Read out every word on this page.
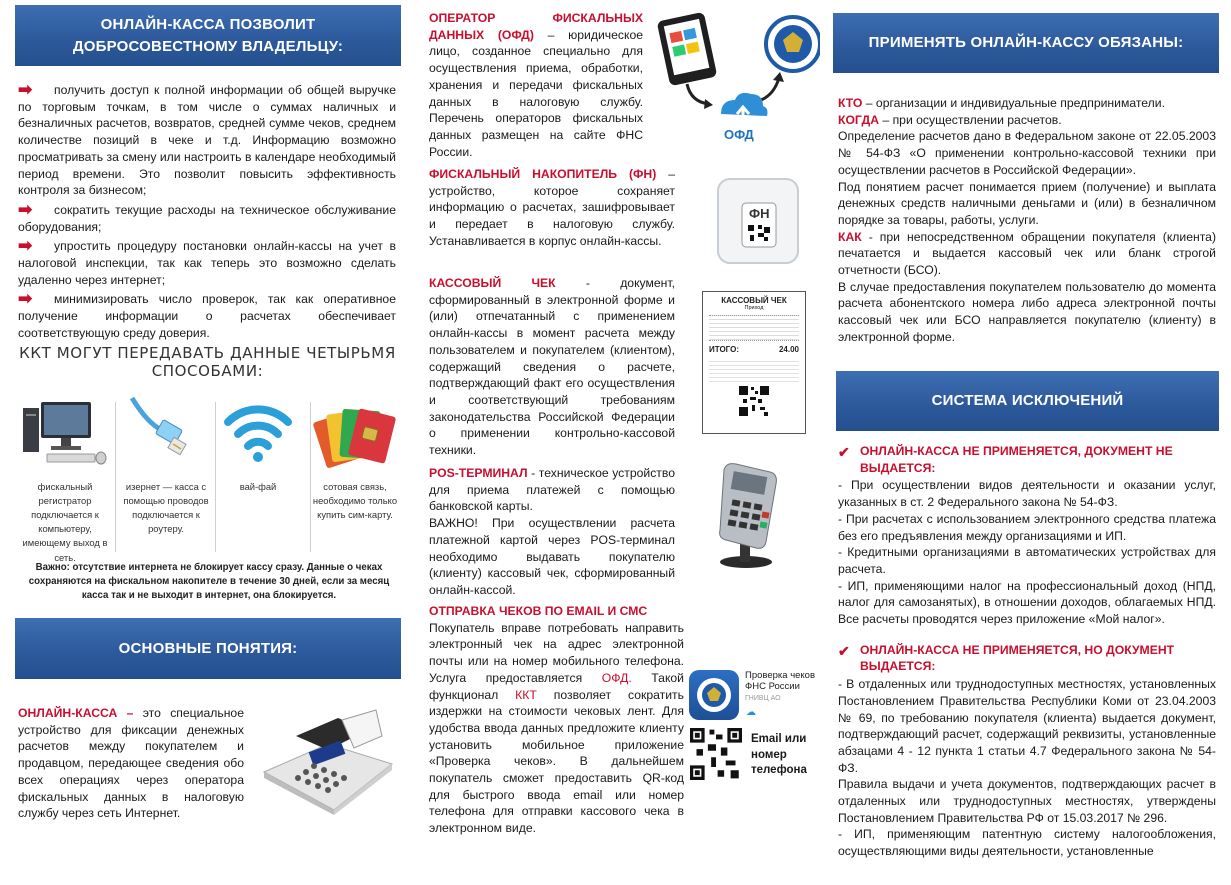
ОНЛАЙН-КАССА ПОЗВОЛИТ ДОБРОСОВЕСТНОМУ ВЛАДЕЛЬЦУ:
➡ получить доступ к полной информации об общей выручке по торговым точкам, в том числе о суммах наличных и безналичных расчетов, возвратов, средней сумме чеков, среднем количестве позиций в чеке и т.д. Информацию возможно просматривать за смену или настроить в календаре необходимый период времени. Это позволит повысить эффективность контроля за бизнесом;
➡ сократить текущие расходы на техническое обслуживание оборудования;
➡ упростить процедуру постановки онлайн-кассы на учет в налоговой инспекции, так как теперь это возможно сделать удаленно через интернет;
➡ минимизировать число проверок, так как оперативное получение информации о расчетах обеспечивает соответствующую среду доверия.
ККТ МОГУТ ПЕРЕДАВАТЬ ДАННЫЕ ЧЕТЫРЬМЯ СПОСОБАМИ:
фискальный регистратор подключается к компьютеру, имеющему выход в сеть.
изернет — касса с помощью проводов подключается к роутеру.
вай-фай	сотовая связь, необходимо только купить сим-карту.
Важно: отсутствие интернета не блокирует кассу сразу. Данные о чеках сохраняются на фискальном накопителе в течение 30 дней, если за месяц касса так и не выходит в интернет, она блокируется.
ОСНОВНЫЕ ПОНЯТИЯ:
ОНЛАЙН-КАССА – это специальное устройство для фиксации денежных расчетов между покупателем и продавцом, передающее сведения обо всех операциях через оператора фискальных данных в налоговую службу через сеть Интернет.
ОПЕРАТОР ФИСКАЛЬНЫХ ДАННЫХ (ОФД) – юридическое лицо, созданное специально для осуществления приема, обработки, хранения и передачи фискальных данных в налоговую службу. Перечень операторов фискальных данных размещен на сайте ФНС России.
ОФД
ФИСКАЛЬНЫЙ НАКОПИТЕЛЬ (ФН) – устройство, которое сохраняет информацию о расчетах, зашифровывает и передает в налоговую службу. Устанавливается в корпус онлайн-кассы.
ФН
КАССОВЫЙ ЧЕК - документ, сформированный в электронной форме и (или) отпечатанный с применением онлайн-кассы в момент расчета между пользователем и покупателем (клиентом), содержащий сведения о расчете, подтверждающий факт его осуществления и соответствующий требованиям законодательства Российской Федерации о применении контрольно-кассовой техники.
КАССОВЫЙ ЧЕК
Приход
ИТОГО:	24.00
POS-ТЕРМИНАЛ - техническое устройство для приема платежей с помощью банковской карты.
ВАЖНО! При осуществлении расчета платежной картой через POS-терминал необходимо выдавать покупателю (клиенту) кассовый чек, сформированный онлайн-кассой.
ОТПРАВКА ЧЕКОВ ПО EMAIL И СМС
Покупатель вправе потребовать направить электронный чек на адрес электронной почты или на номер мобильного телефона. Услуга предоставляется ОФД. Такой функционал ККТ позволяет сократить издержки на стоимости чековых лент. Для удобства ввода данных предложите клиенту установить мобильное приложение «Проверка чеков». В дальнейшем покупатель сможет предоставить QR-код для быстрого ввода email или номер телефона для отправки кассового чека в электронном виде.
Проверка чеков ФНС России
ГНИВЦ АО
☁
Email или номер телефона
ПРИМЕНЯТЬ ОНЛАЙН-КАССУ ОБЯЗАНЫ:
КТО – организации и индивидуальные предприниматели.
КОГДА – при осуществлении расчетов.
Определение расчетов дано в Федеральном законе от 22.05.2003 № 54-ФЗ «О применении контрольно-кассовой техники при осуществлении расчетов в Российской Федерации».
Под понятием расчет понимается прием (получение) и выплата денежных средств наличными деньгами и (или) в безналичном порядке за товары, работы, услуги.
КАК - при непосредственном обращении покупателя (клиента) печатается и выдается кассовый чек или бланк строгой отчетности (БСО).
В случае предоставления покупателем пользователю до момента расчета абонентского номера либо адреса электронной почты кассовый чек или БСО направляется покупателю (клиенту) в электронной форме.
СИСТЕМА ИСКЛЮЧЕНИЙ
✔ ОНЛАЙН-КАССА НЕ ПРИМЕНЯЕТСЯ, ДОКУМЕНТ НЕ ВЫДАЕТСЯ:
- При осуществлении видов деятельности и оказании услуг, указанных в ст. 2 Федерального закона № 54-ФЗ.
- При расчетах с использованием электронного средства платежа без его предъявления между организациями и ИП.
- Кредитными организациями в автоматических устройствах для расчета.
- ИП, применяющими налог на профессиональный доход (НПД, налог для самозанятых), в отношении доходов, облагаемых НПД. Все расчеты проводятся через приложение «Мой налог».
✔ ОНЛАЙН-КАССА НЕ ПРИМЕНЯЕТСЯ, НО ДОКУМЕНТ ВЫДАЕТСЯ:
- В отдаленных или труднодоступных местностях, установленных Постановлением Правительства Республики Коми от 23.04.2003 № 69, по требованию покупателя (клиента) выдается документ, подтверждающий расчет, содержащий реквизиты, установленные абзацами 4 - 12 пункта 1 статьи 4.7 Федерального закона № 54-ФЗ.
Правила выдачи и учета документов, подтверждающих расчет в отдаленных или труднодоступных местностях, утверждены Постановлением Правительства РФ от 15.03.2017 № 296.
- ИП, применяющим патентную систему налогообложения, осуществляющими виды деятельности, установленные
